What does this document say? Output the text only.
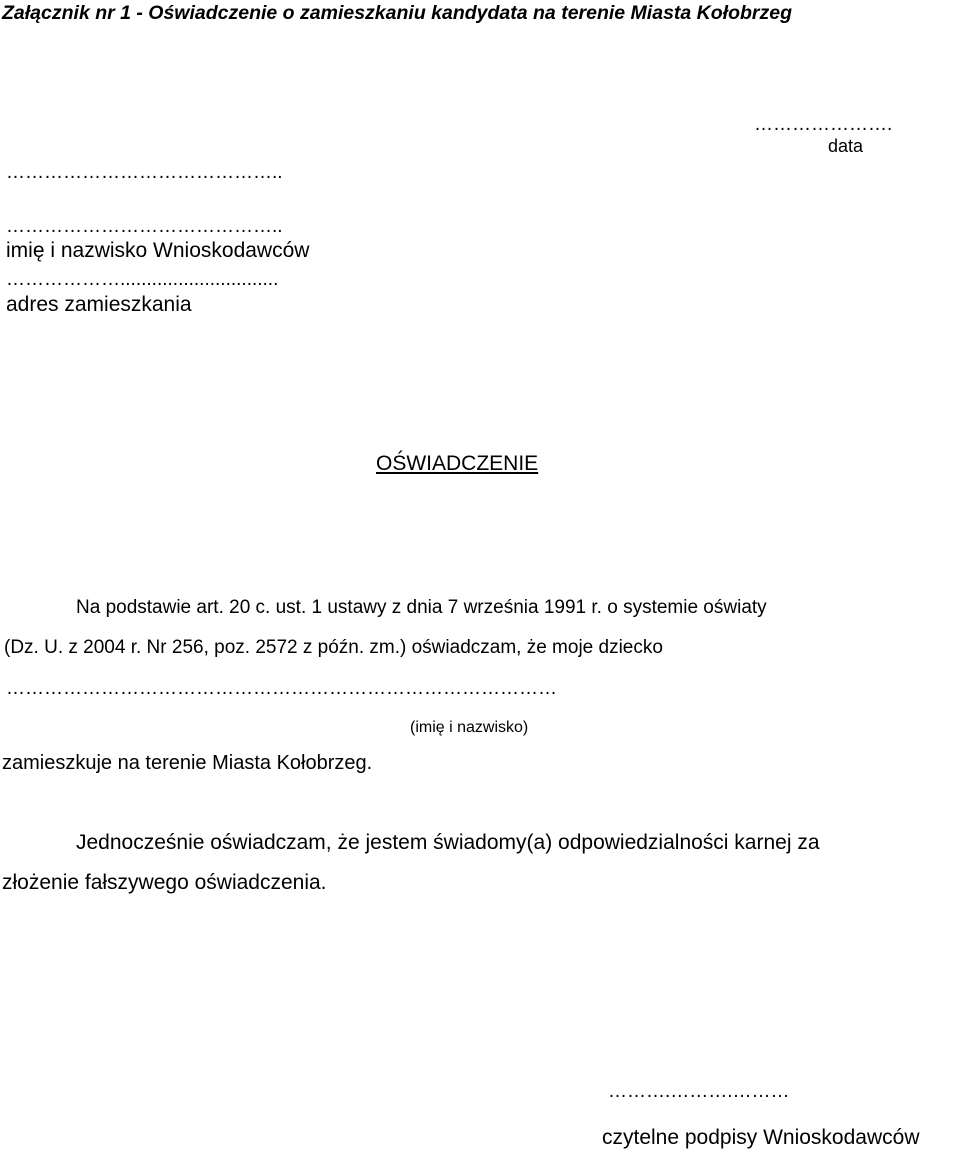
Załącznik nr 1 - Oświadczenie o zamieszkaniu kandydata na terenie Miasta Kołobrzeg
………………….
data
……………………………………..
……………………………………..
imię i nazwisko Wnioskodawców
………………..............................
adres zamieszkania
OŚWIADCZENIE
Na podstawie art. 20 c. ust. 1 ustawy z dnia 7 września 1991 r. o systemie oświaty
(Dz. U. z 2004 r. Nr 256, poz. 2572 z późn. zm.) oświadczam, że moje dziecko
……………………………………………………………………………
(imię i nazwisko)
zamieszkuje na terenie Miasta Kołobrzeg.
Jednocześnie oświadczam, że jestem świadomy(a) odpowiedzialności karnej za
złożenie fałszywego oświadczenia.
……….……….………
czytelne podpisy Wnioskodawców
